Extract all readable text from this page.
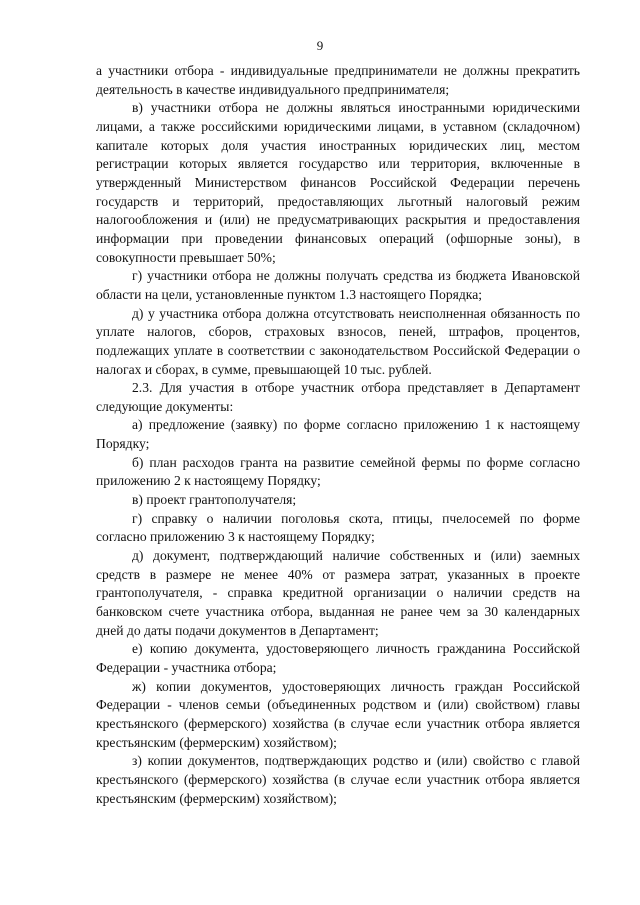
9

а участники отбора - индивидуальные предприниматели не должны прекратить деятельность в качестве индивидуального предпринимателя;

в) участники отбора не должны являться иностранными юридическими лицами, а также российскими юридическими лицами, в уставном (складочном) капитале которых доля участия иностранных юридических лиц, местом регистрации которых является государство или территория, включенные в утвержденный Министерством финансов Российской Федерации перечень государств и территорий, предоставляющих льготный налоговый режим налогообложения и (или) не предусматривающих раскрытия и предоставления информации при проведении финансовых операций (офшорные зоны), в совокупности превышает 50%;

г) участники отбора не должны получать средства из бюджета Ивановской области на цели, установленные пунктом 1.3 настоящего Порядка;

д) у участника отбора должна отсутствовать неисполненная обязанность по уплате налогов, сборов, страховых взносов, пеней, штрафов, процентов, подлежащих уплате в соответствии с законодательством Российской Федерации о налогах и сборах, в сумме, превышающей 10 тыс. рублей.

2.3. Для участия в отборе участник отбора представляет в Департамент следующие документы:

а) предложение (заявку) по форме согласно приложению 1 к настоящему Порядку;

б) план расходов гранта на развитие семейной фермы по форме согласно приложению 2 к настоящему Порядку;

в) проект грантополучателя;

г) справку о наличии поголовья скота, птицы, пчелосемей по форме согласно приложению 3 к настоящему Порядку;

д) документ, подтверждающий наличие собственных и (или) заемных средств в размере не менее 40% от размера затрат, указанных в проекте грантополучателя, - справка кредитной организации о наличии средств на банковском счете участника отбора, выданная не ранее чем за 30 календарных дней до даты подачи документов в Департамент;

е) копию документа, удостоверяющего личность гражданина Российской Федерации - участника отбора;

ж) копии документов, удостоверяющих личность граждан Российской Федерации - членов семьи (объединенных родством и (или) свойством) главы крестьянского (фермерского) хозяйства (в случае если участник отбора является крестьянским (фермерским) хозяйством);

з) копии документов, подтверждающих родство и (или) свойство с главой крестьянского (фермерского) хозяйства (в случае если участник отбора является крестьянским (фермерским) хозяйством);
